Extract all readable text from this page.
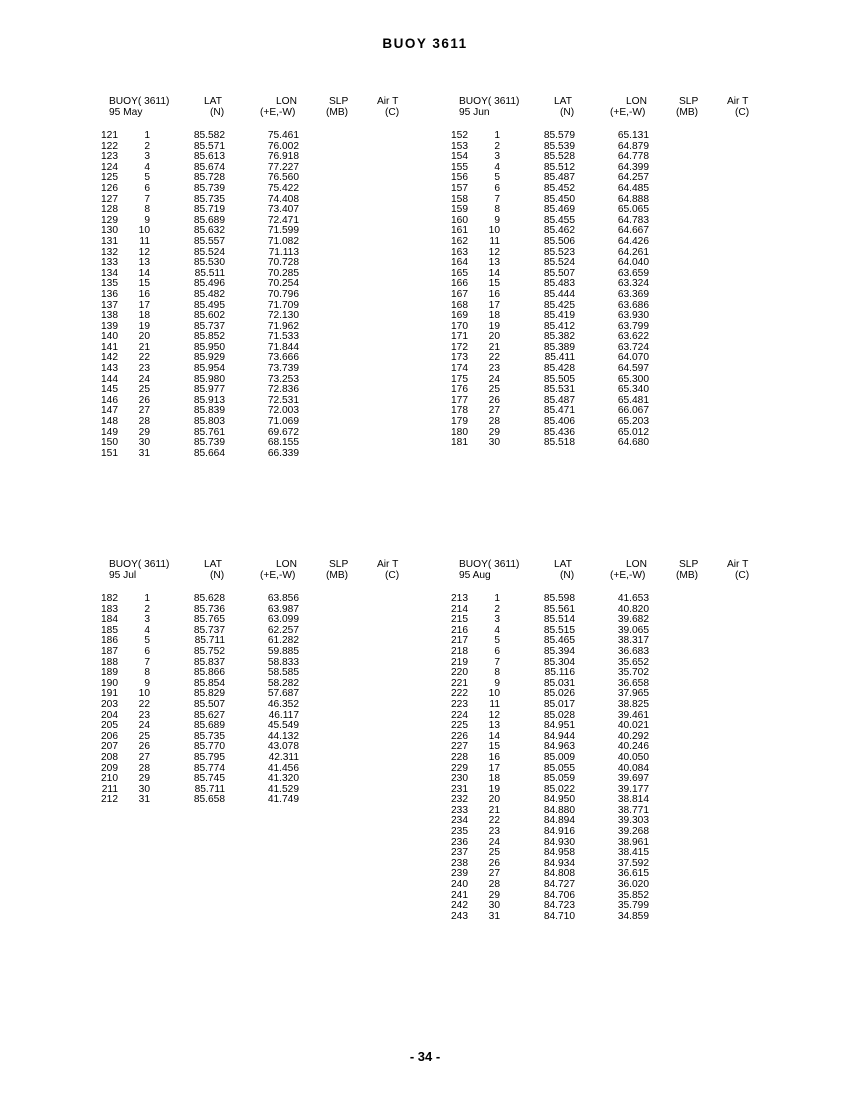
BUOY 3611
BUOY( 3611)	LAT	LON	SLP	Air T
95 May	(N)	(+E,-W)	(MB)	(C)
121	1	85.582	75.461
122	2	85.571	76.002
123	3	85.613	76.918
124	4	85.674	77.227
125	5	85.728	76.560
126	6	85.739	75.422
127	7	85.735	74.408
128	8	85.719	73.407
129	9	85.689	72.471
130	10	85.632	71.599
131	11	85.557	71.082
132	12	85.524	71.113
133	13	85.530	70.728
134	14	85.511	70.285
135	15	85.496	70.254
136	16	85.482	70.796
137	17	85.495	71.709
138	18	85.602	72.130
139	19	85.737	71.962
140	20	85.852	71.533
141	21	85.950	71.844
142	22	85.929	73.666
143	23	85.954	73.739
144	24	85.980	73.253
145	25	85.977	72.836
146	26	85.913	72.531
147	27	85.839	72.003
148	28	85.803	71.069
149	29	85.761	69.672
150	30	85.739	68.155
151	31	85.664	66.339
BUOY( 3611)	LAT	LON	SLP	Air T
95 Jun	(N)	(+E,-W)	(MB)	(C)
152	1	85.579	65.131
153	2	85.539	64.879
154	3	85.528	64.778
155	4	85.512	64.399
156	5	85.487	64.257
157	6	85.452	64.485
158	7	85.450	64.888
159	8	85.469	65.065
160	9	85.455	64.783
161	10	85.462	64.667
162	11	85.506	64.426
163	12	85.523	64.261
164	13	85.524	64.040
165	14	85.507	63.659
166	15	85.483	63.324
167	16	85.444	63.369
168	17	85.425	63.686
169	18	85.419	63.930
170	19	85.412	63.799
171	20	85.382	63.622
172	21	85.389	63.724
173	22	85.411	64.070
174	23	85.428	64.597
175	24	85.505	65.300
176	25	85.531	65.340
177	26	85.487	65.481
178	27	85.471	66.067
179	28	85.406	65.203
180	29	85.436	65.012
181	30	85.518	64.680
BUOY( 3611)	LAT	LON	SLP	Air T
95 Jul	(N)	(+E,-W)	(MB)	(C)
182	1	85.628	63.856
183	2	85.736	63.987
184	3	85.765	63.099
185	4	85.737	62.257
186	5	85.711	61.282
187	6	85.752	59.885
188	7	85.837	58.833
189	8	85.866	58.585
190	9	85.854	58.282
191	10	85.829	57.687
203	22	85.507	46.352
204	23	85.627	46.117
205	24	85.689	45.549
206	25	85.735	44.132
207	26	85.770	43.078
208	27	85.795	42.311
209	28	85.774	41.456
210	29	85.745	41.320
211	30	85.711	41.529
212	31	85.658	41.749
BUOY( 3611)	LAT	LON	SLP	Air T
95 Aug	(N)	(+E,-W)	(MB)	(C)
213	1	85.598	41.653
214	2	85.561	40.820
215	3	85.514	39.682
216	4	85.515	39.065
217	5	85.465	38.317
218	6	85.394	36.683
219	7	85.304	35.652
220	8	85.116	35.702
221	9	85.031	36.658
222	10	85.026	37.965
223	11	85.017	38.825
224	12	85.028	39.461
225	13	84.951	40.021
226	14	84.944	40.292
227	15	84.963	40.246
228	16	85.009	40.050
229	17	85.055	40.084
230	18	85.059	39.697
231	19	85.022	39.177
232	20	84.950	38.814
233	21	84.880	38.771
234	22	84.894	39.303
235	23	84.916	39.268
236	24	84.930	38.961
237	25	84.958	38.415
238	26	84.934	37.592
239	27	84.808	36.615
240	28	84.727	36.020
241	29	84.706	35.852
242	30	84.723	35.799
243	31	84.710	34.859
- 34 -
